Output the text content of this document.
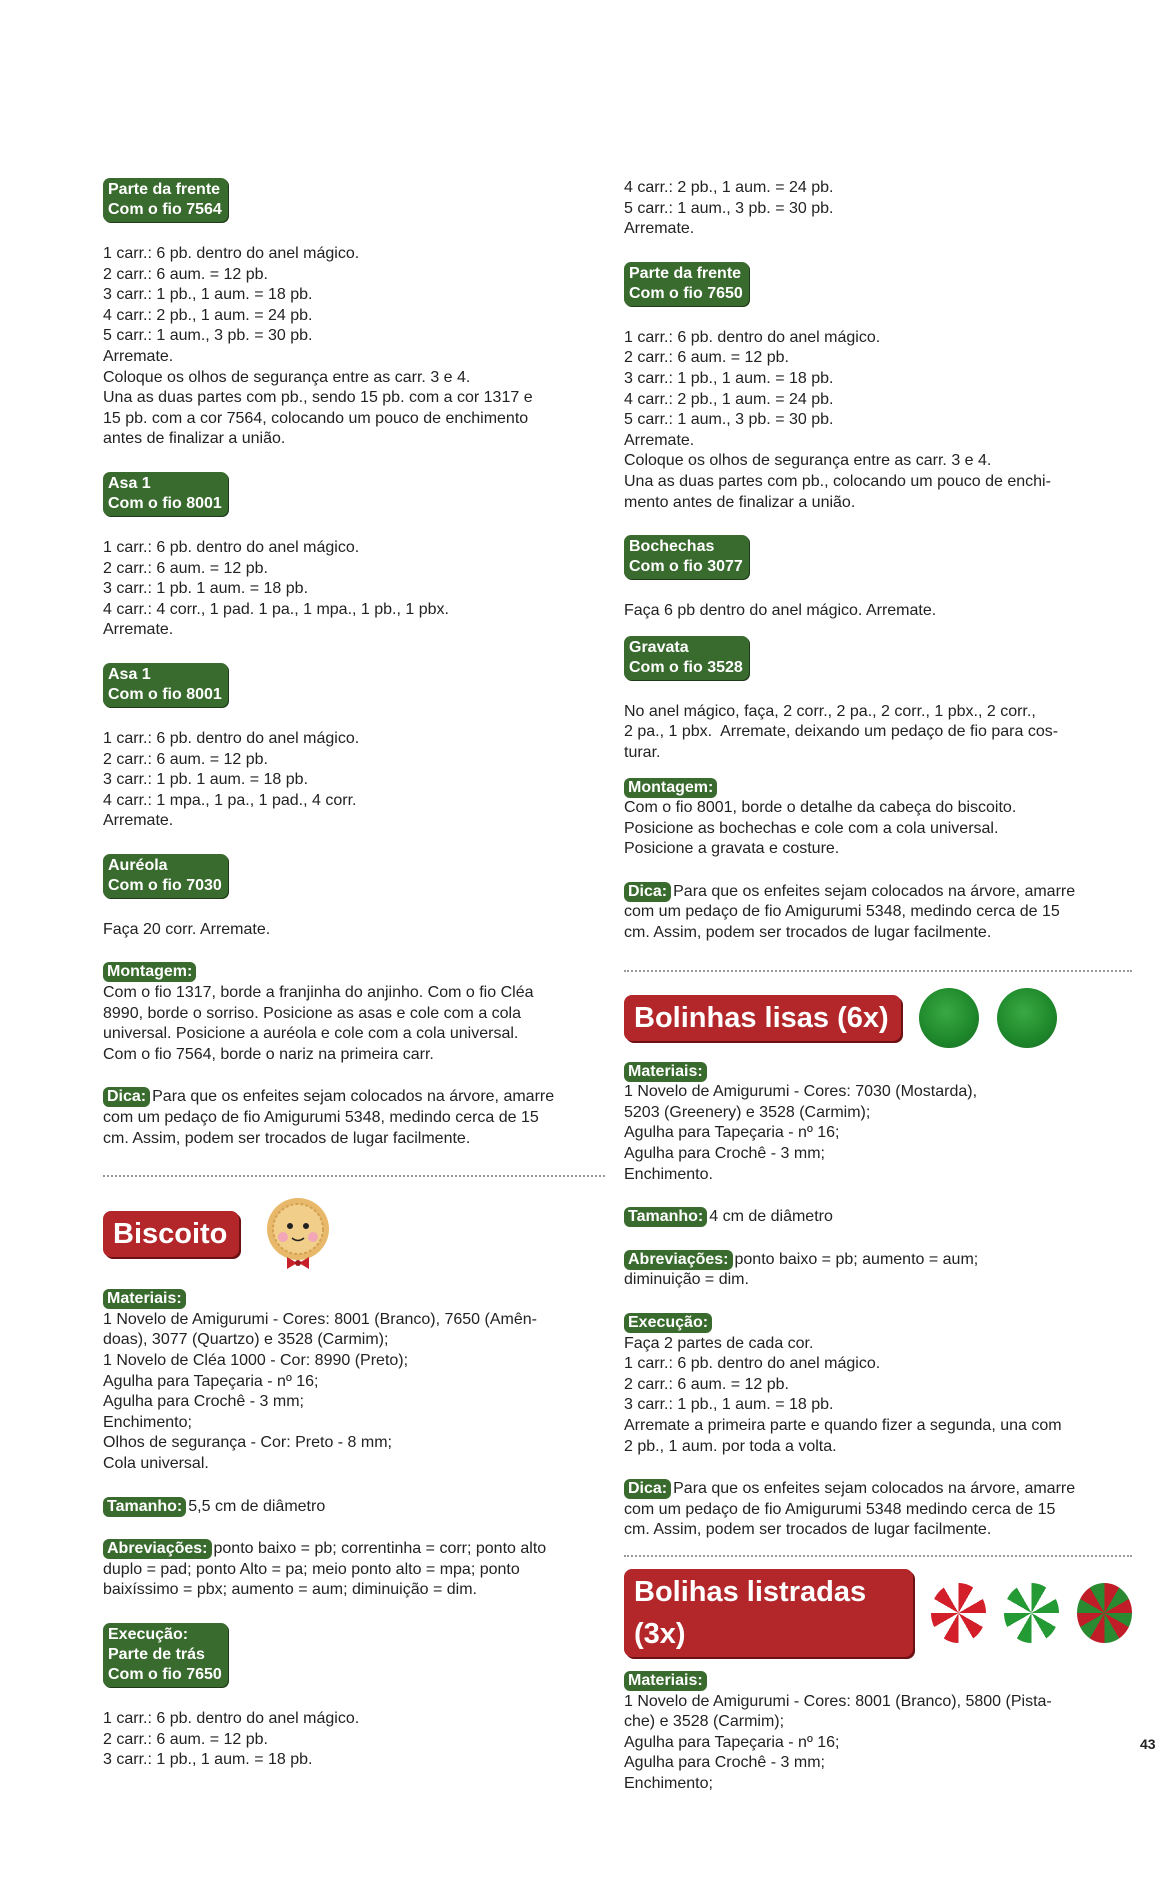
Parte da frente
Com o fio 7564
1 carr.: 6 pb. dentro do anel mágico.
2 carr.: 6 aum. = 12 pb.
3 carr.: 1 pb., 1 aum. = 18 pb.
4 carr.: 2 pb., 1 aum. = 24 pb.
5 carr.: 1 aum., 3 pb. = 30 pb.
Arremate.
Coloque os olhos de segurança entre as carr. 3 e 4.
Una as duas partes com pb., sendo 15 pb. com a cor 1317 e
15 pb. com a cor 7564, colocando um pouco de enchimento
antes de finalizar a união.
Asa 1
Com o fio 8001
1 carr.: 6 pb. dentro do anel mágico.
2 carr.: 6 aum. = 12 pb.
3 carr.: 1 pb. 1 aum. = 18 pb.
4 carr.: 4 corr., 1 pad. 1 pa., 1 mpa., 1 pb., 1 pbx.
Arremate.
Asa 1
Com o fio 8001
1 carr.: 6 pb. dentro do anel mágico.
2 carr.: 6 aum. = 12 pb.
3 carr.: 1 pb. 1 aum. = 18 pb.
4 carr.: 1 mpa., 1 pa., 1 pad., 4 corr.
Arremate.
Auréola
Com o fio 7030
Faça 20 corr. Arremate.
Montagem:
Com o fio 1317, borde a franjinha do anjinho. Com o fio Cléa
8990, borde o sorriso. Posicione as asas e cole com a cola
universal. Posicione a auréola e cole com a cola universal.
Com o fio 7564, borde o nariz na primeira carr.
Dica: Para que os enfeites sejam colocados na árvore, amarre
com um pedaço de fio Amigurumi 5348, medindo cerca de 15
cm. Assim, podem ser trocados de lugar facilmente.
Biscoito
Materiais:
1 Novelo de Amigurumi - Cores: 8001 (Branco), 7650 (Amên-
doas), 3077 (Quartzo) e 3528 (Carmim);
1 Novelo de Cléa 1000 - Cor: 8990 (Preto);
Agulha para Tapeçaria - nº 16;
Agulha para Crochê - 3 mm;
Enchimento;
Olhos de segurança - Cor: Preto - 8 mm;
Cola universal.
Tamanho: 5,5 cm de diâmetro
Abreviações: ponto baixo = pb; correntinha = corr; ponto alto
duplo = pad; ponto Alto = pa; meio ponto alto = mpa; ponto
baixíssimo = pbx; aumento = aum; diminuição = dim.
Execução:
Parte de trás
Com o fio 7650
1 carr.: 6 pb. dentro do anel mágico.
2 carr.: 6 aum. = 12 pb.
3 carr.: 1 pb., 1 aum. = 18 pb.
4 carr.: 2 pb., 1 aum. = 24 pb.
5 carr.: 1 aum., 3 pb. = 30 pb.
Arremate.
Parte da frente
Com o fio 7650
1 carr.: 6 pb. dentro do anel mágico.
2 carr.: 6 aum. = 12 pb.
3 carr.: 1 pb., 1 aum. = 18 pb.
4 carr.: 2 pb., 1 aum. = 24 pb.
5 carr.: 1 aum., 3 pb. = 30 pb.
Arremate.
Coloque os olhos de segurança entre as carr. 3 e 4.
Una as duas partes com pb., colocando um pouco de enchi-
mento antes de finalizar a união.
Bochechas
Com o fio 3077
Faça 6 pb dentro do anel mágico. Arremate.
Gravata
Com o fio 3528
No anel mágico, faça, 2 corr., 2 pa., 2 corr., 1 pbx., 2 corr.,
2 pa., 1 pbx.  Arremate, deixando um pedaço de fio para cos-
turar.
Montagem:
Com o fio 8001, borde o detalhe da cabeça do biscoito.
Posicione as bochechas e cole com a cola universal.
Posicione a gravata e costure.
Dica: Para que os enfeites sejam colocados na árvore, amarre
com um pedaço de fio Amigurumi 5348, medindo cerca de 15
cm. Assim, podem ser trocados de lugar facilmente.
Bolinhas lisas (6x)
Materiais:
1 Novelo de Amigurumi - Cores: 7030 (Mostarda),
5203 (Greenery) e 3528 (Carmim);
Agulha para Tapeçaria - nº 16;
Agulha para Crochê - 3 mm;
Enchimento.
Tamanho: 4 cm de diâmetro
Abreviações: ponto baixo = pb; aumento = aum;
diminuição = dim.
Execução:
Faça 2 partes de cada cor.
1 carr.: 6 pb. dentro do anel mágico.
2 carr.: 6 aum. = 12 pb.
3 carr.: 1 pb., 1 aum. = 18 pb.
Arremate a primeira parte e quando fizer a segunda, una com
2 pb., 1 aum. por toda a volta.
Dica: Para que os enfeites sejam colocados na árvore, amarre
com um pedaço de fio Amigurumi 5348 medindo cerca de 15
cm. Assim, podem ser trocados de lugar facilmente.
Bolihas listradas (3x)
Materiais:
1 Novelo de Amigurumi - Cores: 8001 (Branco), 5800 (Pista-
che) e 3528 (Carmim);
Agulha para Tapeçaria - nº 16;
Agulha para Crochê - 3 mm;
Enchimento;
43
